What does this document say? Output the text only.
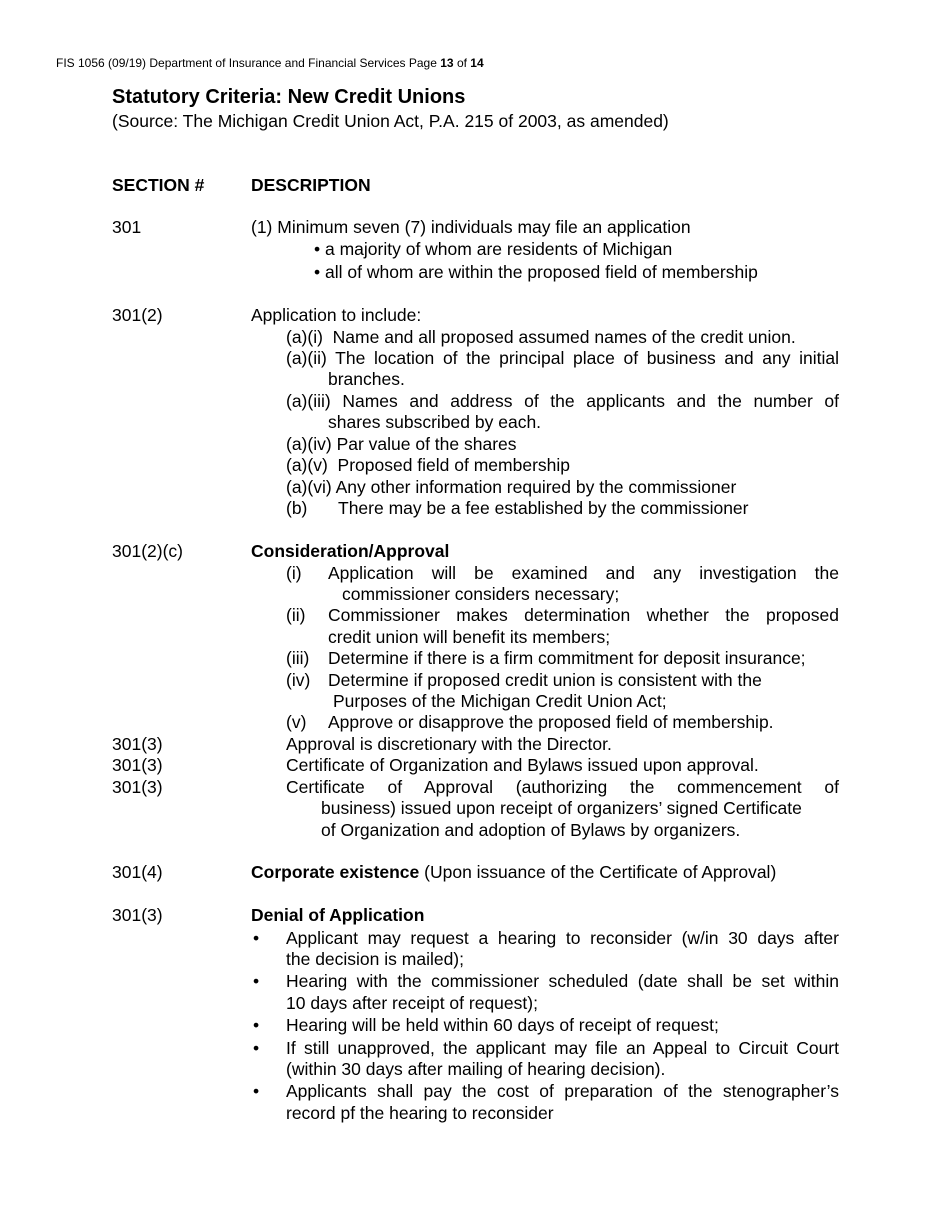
FIS 1056 (09/19) Department of Insurance and Financial Services Page 13 of 14
Statutory Criteria: New Credit Unions
(Source: The Michigan Credit Union Act, P.A. 215 of 2003, as amended)
SECTION #	DESCRIPTION
301	(1) Minimum seven (7) individuals may file an application
• a majority of whom are residents of Michigan
• all of whom are within the proposed field of membership
301(2)	Application to include:
(a)(i) Name and all proposed assumed names of the credit union.
(a)(ii) The location of the principal place of business and any initial
branches.
(a)(iii) Names and address of the applicants and the number of
shares subscribed by each.
(a)(iv) Par value of the shares
(a)(v) Proposed field of membership
(a)(vi) Any other information required by the commissioner
(b) There may be a fee established by the commissioner
301(2)(c)	Consideration/Approval
(i) Application will be examined and any investigation the
commissioner considers necessary;
(ii) Commissioner makes determination whether the proposed
credit union will benefit its members;
(iii) Determine if there is a firm commitment for deposit insurance;
(iv) Determine if proposed credit union is consistent with the
Purposes of the Michigan Credit Union Act;
(v) Approve or disapprove the proposed field of membership.
301(3)	Approval is discretionary with the Director.
301(3)	Certificate of Organization and Bylaws issued upon approval.
301(3)	Certificate of Approval (authorizing the commencement of
business) issued upon receipt of organizers’ signed Certificate
of Organization and adoption of Bylaws by organizers.
301(4)	Corporate existence (Upon issuance of the Certificate of Approval)
301(3)	Denial of Application
• Applicant may request a hearing to reconsider (w/in 30 days after
the decision is mailed);
• Hearing with the commissioner scheduled (date shall be set within
10 days after receipt of request);
• Hearing will be held within 60 days of receipt of request;
• If still unapproved, the applicant may file an Appeal to Circuit Court
(within 30 days after mailing of hearing decision).
• Applicants shall pay the cost of preparation of the stenographer’s
record pf the hearing to reconsider
